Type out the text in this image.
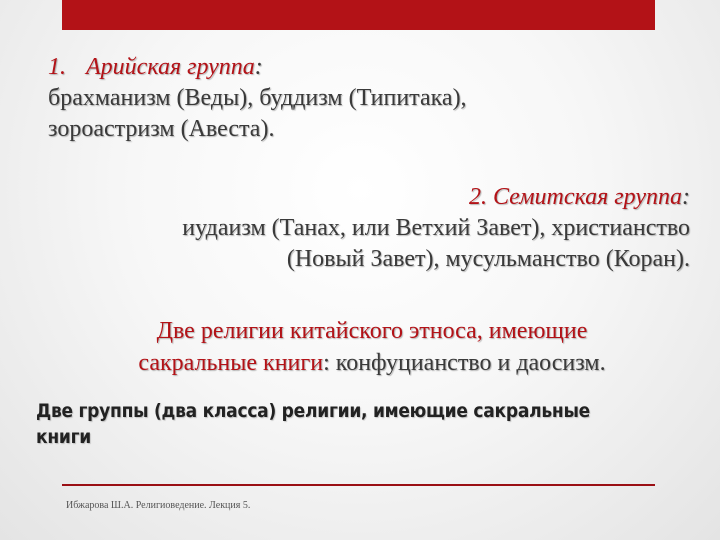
1. Арийская группа:
брахманизм (Веды), буддизм (Типитака),
зороастризм (Авеста).
2. Семитская группа:
иудаизм (Танах, или Ветхий Завет), христианство
(Новый Завет), мусульманство (Коран).
Две религии китайского этноса, имеющие
сакральные книги: конфуцианство и даосизм.
Две группы (два класса) религии, имеющие сакральные книги
Ибжарова Ш.А. Религиоведение. Лекция 5.
